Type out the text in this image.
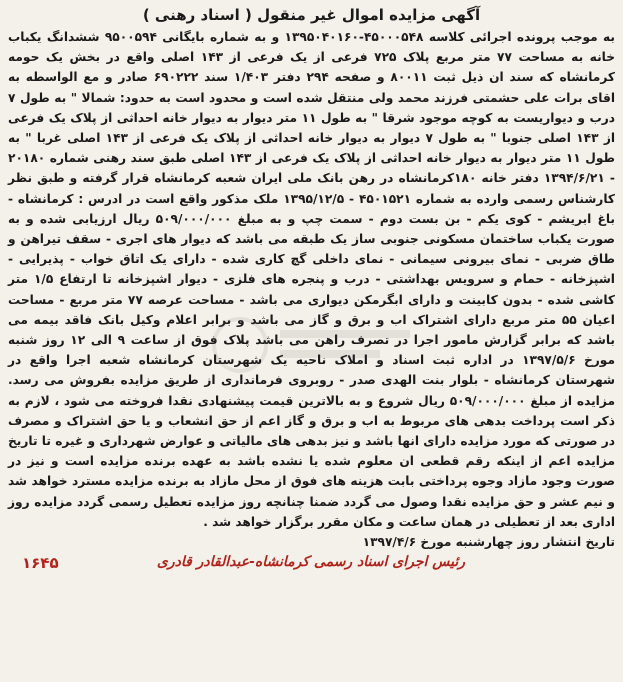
آگهی مزایده اموال غیر منقول ( اسناد رهنی )

به موجب پرونده اجرائی کلاسه ۴۵۰۰۰۵۴۸-۱۳۹۵۰۴۰۱۶۰ و به شماره بایگانی ۹۵۰۰۵۹۴ ششدانگ یکباب خانه به مساحت ۷۷ متر مربع پلاک ۷۲۵ فرعی از یک فرعی از ۱۴۳ اصلی واقع در بخش یک حومه کرمانشاه که سند ان ذیل ثبت ۸۰۰۱۱ و صفحه ۲۹۴ دفتر ۱/۴۰۳ سند ۶۹۰۲۲۲ صادر و مع الواسطه به اقای برات علی حشمتی فرزند محمد ولی منتقل شده است و محدود است به حدود: شمالا " به طول ۷ درب و دیواریست به کوچه موجود شرقا " به طول ۱۱ متر دیوار به دیوار خانه احداثی از پلاک یک فرعی از ۱۴۳ اصلی جنوبا " به طول ۷ دیوار به دیوار خانه احداثی از پلاک یک فرعی از ۱۴۳ اصلی غربا " به طول ۱۱ متر دیوار به دیوار خانه احداثی از پلاک یک فرعی از ۱۴۳ اصلی طبق سند رهنی شماره ۲۰۱۸۰ - ۱۳۹۴/۶/۲۱ دفتر خانه ۱۸۰کرمانشاه در رهن بانک ملی ایران شعبه کرمانشاه قرار گرفته و طبق نظر کارشناس رسمی وارده به شماره ۴۵۰۱۵۲۱ - ۱۳۹۵/۱۲/۵ ملک مذکور واقع است در ادرس : کرمانشاه - باغ ابریشم - کوی یکم - بن بست دوم - سمت چپ و به مبلغ ۵۰۹/۰۰۰/۰۰۰ ریال ارزیابی شده و به صورت یکباب ساختمان مسکونی جنوبی ساز یک طبقه می باشد که دیوار های اجری - سقف تیراهن و طاق ضربی - نمای بیرونی سیمانی - نمای داخلی گچ کاری شده - دارای یک اتاق خواب - پذیرایی - اشپزخانه - حمام و سرویس بهداشتی - درب و پنجره های فلزی - دیوار اشپزخانه تا ارتفاع ۱/۵ متر کاشی شده - بدون کابینت و دارای ابگرمکن دیواری می باشد - مساحت عرصه ۷۷ متر مربع - مساحت اعیان ۵۵ متر مربع دارای اشتراک اب و برق و گاز می باشد و برابر اعلام وکیل بانک فاقد بیمه می باشد که برابر گزارش مامور اجرا در تصرف راهن می باشد پلاک فوق از ساعت ۹ الی ۱۲ روز شنبه مورخ ۱۳۹۷/۵/۶ در اداره ثبت اسناد و املاک ناحیه یک شهرستان کرمانشاه شعبه اجرا واقع در شهرستان کرمانشاه - بلوار بنت الهدی صدر - روبروی فرمانداری از طریق مزایده بفروش می رسد. مزایده از مبلغ ۵۰۹/۰۰۰/۰۰۰ ریال شروع و به بالاترین قیمت پیشنهادی نقدا فروخته می شود ، لازم به ذکر است پرداخت بدهی های مربوط به اب و برق و گاز اعم از حق انشعاب و یا حق اشتراک و مصرف در صورتی که مورد مزایده دارای انها باشد و نیز بدهی های مالیاتی و عوارض شهرداری و غیره تا تاریخ مزایده اعم از اینکه رقم قطعی ان معلوم شده یا نشده باشد به عهده برنده مزایده است و نیز در صورت وجود مازاد وجوه پرداختی بابت هزینه های فوق از محل مازاد به برنده مزایده مسترد خواهد شد و نیم عشر و حق مزایده نقدا وصول می گردد ضمنا چنانچه روز مزایده تعطیل رسمی گردد مزایده روز اداری بعد از تعطیلی در همان ساعت و مکان مقرر برگزار خواهد شد .

تاریخ انتشار روز چهارشنبه مورخ ۱۳۹۷/۴/۶
رئیس اجرای اسناد رسمی کرمانشاه-عبدالقادر قادری
۱۶۴۵
